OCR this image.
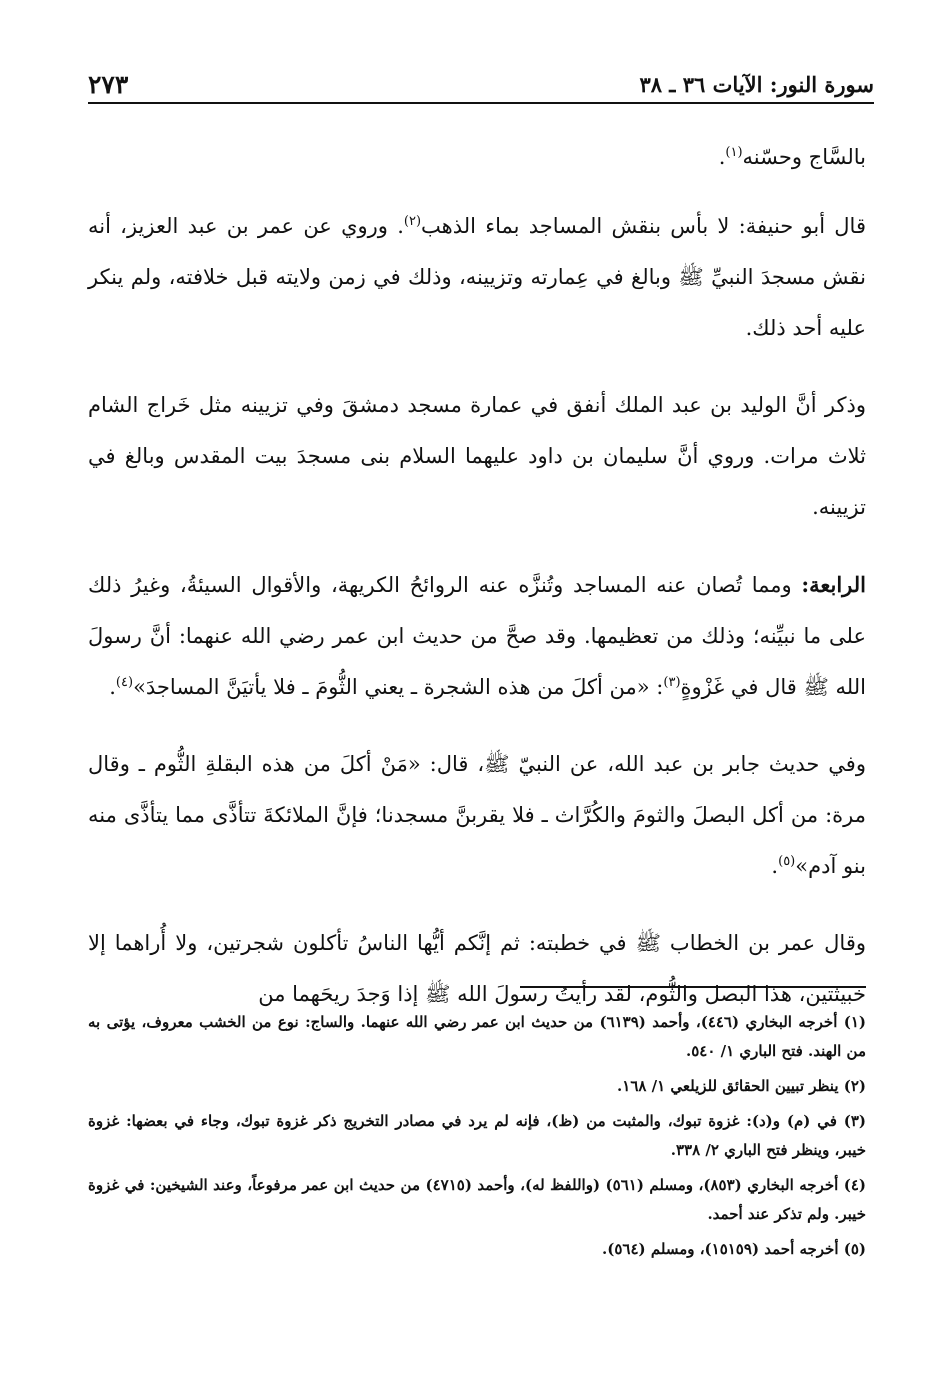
٢٧٣	سورة النور: الآيات ٣٦ ـ ٣٨

بالسَّاج وحسّنه$^{(١)}$.

قال أبو حنيفة: لا بأس بنقش المساجد بماء الذهب$^{(٢)}$. وروي عن عمر بن عبد العزيز، أنه نقش مسجدَ النبيِّ ﷺ وبالغ في عِمارته وتزيينه، وذلك في زمن ولايته قبل خلافته، ولم ينكر عليه أحد ذلك.

وذكر أنَّ الوليد بن عبد الملك أنفق في عمارة مسجد دمشقَ وفي تزيينه مثل خَراج الشام ثلاث مرات. وروي أنَّ سليمان بن داود عليهما السلام بنى مسجدَ بيت المقدس وبالغ في تزيينه.

الرابعة: ومما تُصان عنه المساجد وتُنزَّه عنه الروائحُ الكريهة، والأقوال السيئةُ، وغيرُ ذلك على ما نبيِّنه؛ وذلك من تعظيمها. وقد صحَّ من حديث ابن عمر رضي الله عنهما: أنَّ رسولَ الله ﷺ قال في غَزْوةٍ$^{(٣)}$: «من أكلَ من هذه الشجرة ـ يعني الثُّومَ ـ فلا يأتيَنَّ المساجدَ»$^{(٤)}$.

وفي حديث جابر بن عبد الله، عن النبيّ ﷺ، قال: «مَنْ أكلَ من هذه البقلةِ الثُّوم ـ وقال مرة: من أكل البصلَ والثومَ والكُرَّاث ـ فلا يقربنَّ مسجدنا؛ فإنَّ الملائكةَ تتأذَّى مما يتأذَّى منه بنو آدم»$^{(٥)}$.

وقال عمر بن الخطاب ﷺ في خطبته: ثم إنَّكم أيُّها الناسُ تأكلون شجرتين، ولا أُراهما إلا خبيثتين، هذا البصل والثُّوم، لقد رأيتُ رسولَ الله ﷺ إذا وَجدَ ريحَهما من

(١) أخرجه البخاري (٤٤٦)، وأحمد (٦١٣٩) من حديث ابن عمر رضي الله عنهما. والساج: نوع من الخشب معروف، يؤتى به من الهند. فتح الباري ١/ ٥٤٠.

(٢) ينظر تبيين الحقائق للزيلعي ١/ ١٦٨.

(٣) في (م) و(د): غزوة تبوك، والمثبت من (ظ)، فإنه لم يرد في مصادر التخريج ذكر غزوة تبوك، وجاء في بعضها: غزوة خيبر، وينظر فتح الباري ٢/ ٣٣٨.

(٤) أخرجه البخاري (٨٥٣)، ومسلم (٥٦١) (واللفظ له)، وأحمد (٤٧١٥) من حديث ابن عمر مرفوعاً، وعند الشيخين: في غزوة خيبر. ولم تذكر عند أحمد.

(٥) أخرجه أحمد (١٥١٥٩)، ومسلم (٥٦٤).
